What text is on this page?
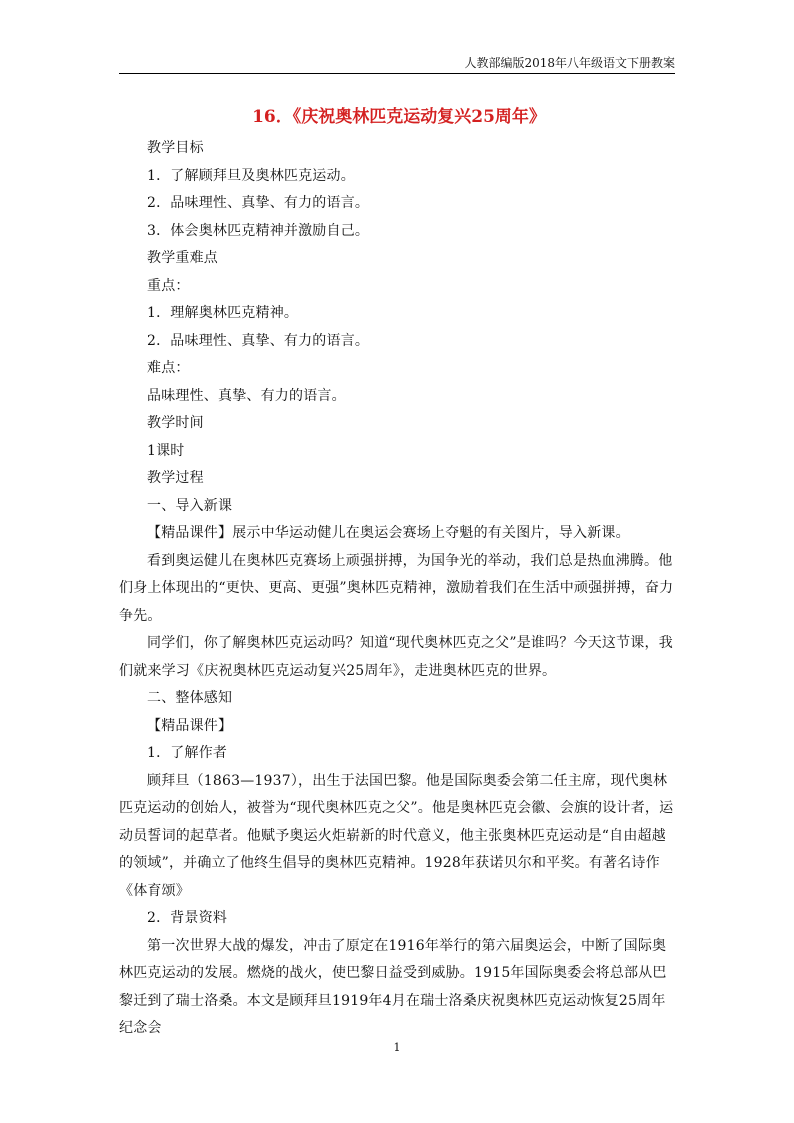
人教部编版2018年八年级语文下册教案
16．《庆祝奥林匹克运动复兴25周年》

教学目标

1．了解顾拜旦及奥林匹克运动。

2．品味理性、真挚、有力的语言。

3．体会奥林匹克精神并激励自己。

教学重难点

重点：

1．理解奥林匹克精神。

2．品味理性、真挚、有力的语言。

难点：

品味理性、真挚、有力的语言。

教学时间

1课时

教学过程

一、导入新课

【精品课件】展示中华运动健儿在奥运会赛场上夺魁的有关图片，导入新课。

看到奥运健儿在奥林匹克赛场上顽强拼搏，为国争光的举动，我们总是热血沸腾。他们身上体现出的“更快、更高、更强”奥林匹克精神，激励着我们在生活中顽强拼搏，奋力争先。

同学们，你了解奥林匹克运动吗？知道“现代奥林匹克之父”是谁吗？今天这节课，我们就来学习《庆祝奥林匹克运动复兴25周年》，走进奥林匹克的世界。

二、整体感知

【精品课件】

1．了解作者

顾拜旦（1863—1937），出生于法国巴黎。他是国际奥委会第二任主席，现代奥林匹克运动的创始人，被誉为“现代奥林匹克之父”。他是奥林匹克会徽、会旗的设计者，运动员誓词的起草者。他赋予奥运火炬崭新的时代意义，他主张奥林匹克运动是“自由超越的领域”，并确立了他终生倡导的奥林匹克精神。1928年获诺贝尔和平奖。有著名诗作《体育颂》

2．背景资料

第一次世界大战的爆发，冲击了原定在1916年举行的第六届奥运会，中断了国际奥林匹克运动的发展。燃烧的战火，使巴黎日益受到威胁。1915年国际奥委会将总部从巴黎迁到了瑞士洛桑。本文是顾拜旦1919年4月在瑞士洛桑庆祝奥林匹克运动恢复25周年纪念会

1
